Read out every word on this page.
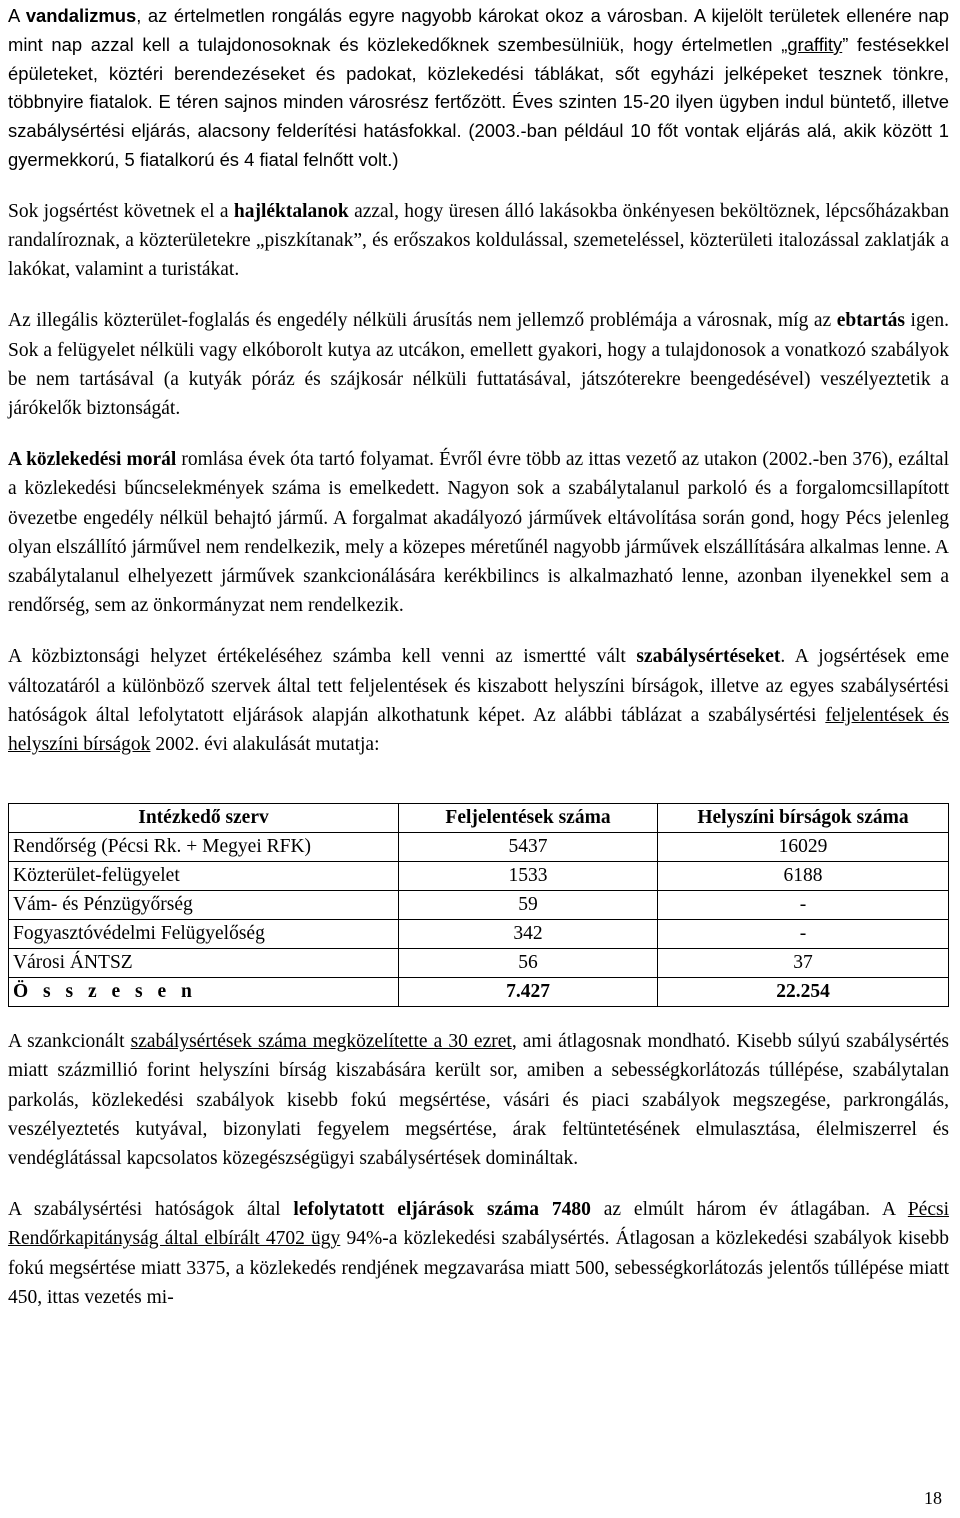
A vandalizmus, az értelmetlen rongálás egyre nagyobb károkat okoz a városban. A kijelölt területek ellenére nap mint nap azzal kell a tulajdonosoknak és közlekedőknek szembesülniük, hogy értelmetlen „graffity” festésekkel épületeket, köztéri berendezéseket és padokat, közlekedési táblákat, sőt egyházi jelképeket tesznek tönkre, többnyire fiatalok. E téren sajnos minden városrész fertőzött. Éves szinten 15-20 ilyen ügyben indul büntető, illetve szabálysértési eljárás, alacsony felderítési hatásfokkal. (2003.-ban például 10 főt vontak eljárás alá, akik között 1 gyermekkorú, 5 fiatalkorú és 4 fiatal felnőtt volt.)

Sok jogsértést követnek el a hajléktalanok azzal, hogy üresen álló lakásokba önkényesen beköltöznek, lépcsőházakban randalíroznak, a közterületekre „piszkítanak”, és erőszakos koldulással, szemeteléssel, közterületi italozással zaklatják a lakókat, valamint a turistákat.

Az illegális közterület-foglalás és engedély nélküli árusítás nem jellemző problémája a városnak, míg az ebtartás igen. Sok a felügyelet nélküli vagy elkóborolt kutya az utcákon, emellett gyakori, hogy a tulajdonosok a vonatkozó szabályok be nem tartásával (a kutyák póráz és szájkosár nélküli futtatásával, játszóterekre beengedésével) veszélyeztetik a járókelők biztonságát.

A közlekedési morál romlása évek óta tartó folyamat. Évről évre több az ittas vezető az utakon (2002.-ben 376), ezáltal a közlekedési bűncselekmények száma is emelkedett. Nagyon sok a szabálytalanul parkoló és a forgalomcsillapított övezetbe engedély nélkül behajtó jármű. A forgalmat akadályozó járművek eltávolítása során gond, hogy Pécs jelenleg olyan elszállító járművel nem rendelkezik, mely a közepes méretűnél nagyobb járművek elszállítására alkalmas lenne. A szabálytalanul elhelyezett járművek szankcionálására kerékbilincs is alkalmazható lenne, azonban ilyenekkel sem a rendőrség, sem az önkormányzat nem rendelkezik.

A közbiztonsági helyzet értékeléséhez számba kell venni az ismertté vált szabálysértéseket. A jogsértések eme változatáról a különböző szervek által tett feljelentések és kiszabott helyszíni bírságok, illetve az egyes szabálysértési hatóságok által lefolytatott eljárások alapján alkothatunk képet. Az alábbi táblázat a szabálysértési feljelentések és helyszíni bírságok 2002. évi alakulását mutatja:

Intézkedő szerv	Feljelentések száma	Helyszíni bírságok száma
Rendőrség (Pécsi Rk. + Megyei RFK)	5437	16029
Közterület-felügyelet	1533	6188
Vám- és Pénzügyőrség	59	-
Fogyasztóvédelmi Felügyelőség	342	-
Városi ÁNTSZ	56	37
Ö s s z e s e n	7.427	22.254

A szankcionált szabálysértések száma megközelítette a 30 ezret, ami átlagosnak mondható. Kisebb súlyú szabálysértés miatt százmillió forint helyszíni bírság kiszabására került sor, amiben a sebességkorlátozás túllépése, szabálytalan parkolás, közlekedési szabályok kisebb fokú megsértése, vásári és piaci szabályok megszegése, parkrongálás, veszélyeztetés kutyával, bizonylati fegyelem megsértése, árak feltüntetésének elmulasztása, élelmiszerrel és vendéglátással kapcsolatos közegészségügyi szabálysértések domináltak.

A szabálysértési hatóságok által lefolytatott eljárások száma 7480 az elmúlt három év átlagában. A Pécsi Rendőrkapitányság által elbírált 4702 ügy 94%-a közlekedési szabálysértés. Átlagosan a közlekedési szabályok kisebb fokú megsértése miatt 3375, a közlekedés rendjének megzavarása miatt 500, sebességkorlátozás jelentős túllépése miatt 450, ittas vezetés mi-

18
